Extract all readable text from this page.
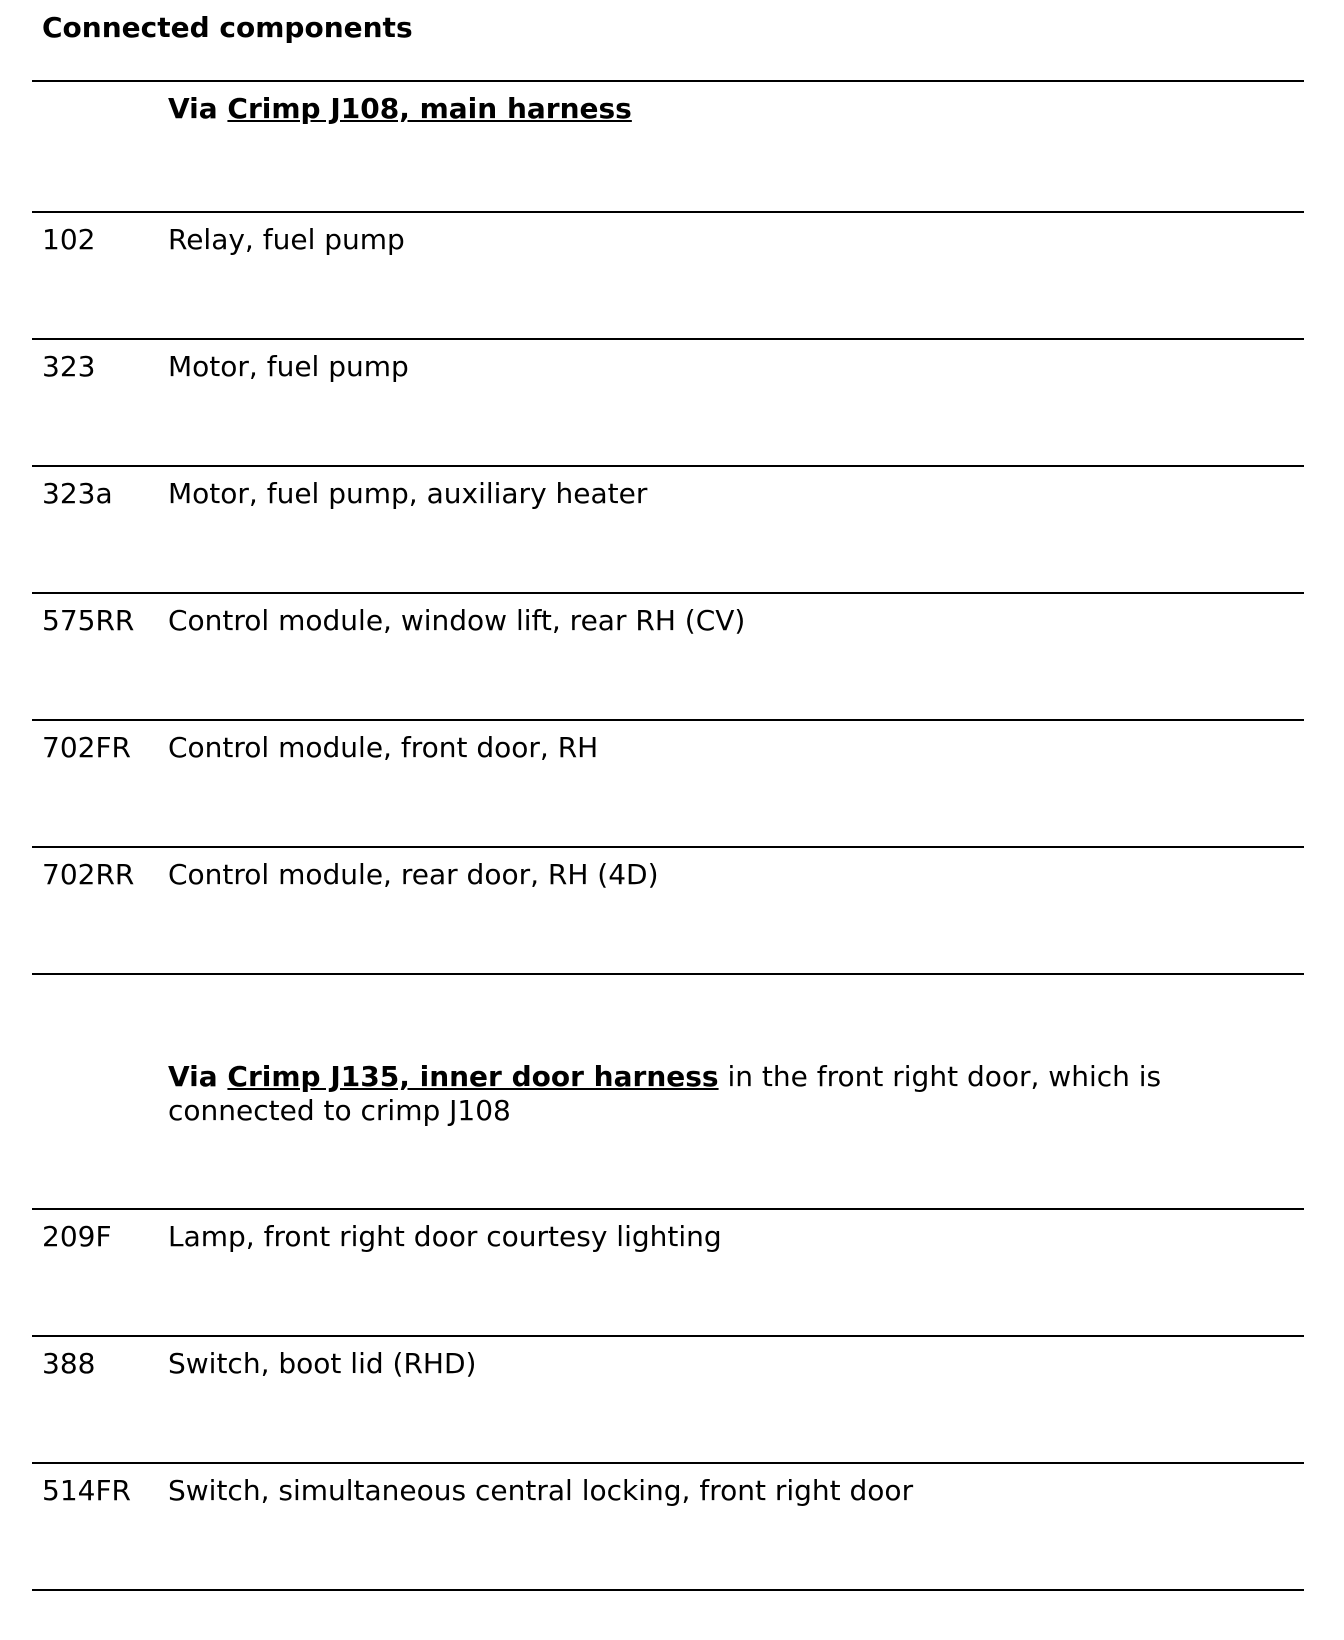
Connected components
Via Crimp J108, main harness
102	Relay, fuel pump
323	Motor, fuel pump
323a Motor, fuel pump, auxiliary heater
575RR Control module, window lift, rear RH (CV)
702FR Control module, front door, RH
702RR Control module, rear door, RH (4D)
Via Crimp J135, inner door harness in the front right door, which is connected to crimp J108
209F Lamp, front right door courtesy lighting
388	Switch, boot lid (RHD)
514FR Switch, simultaneous central locking, front right door
